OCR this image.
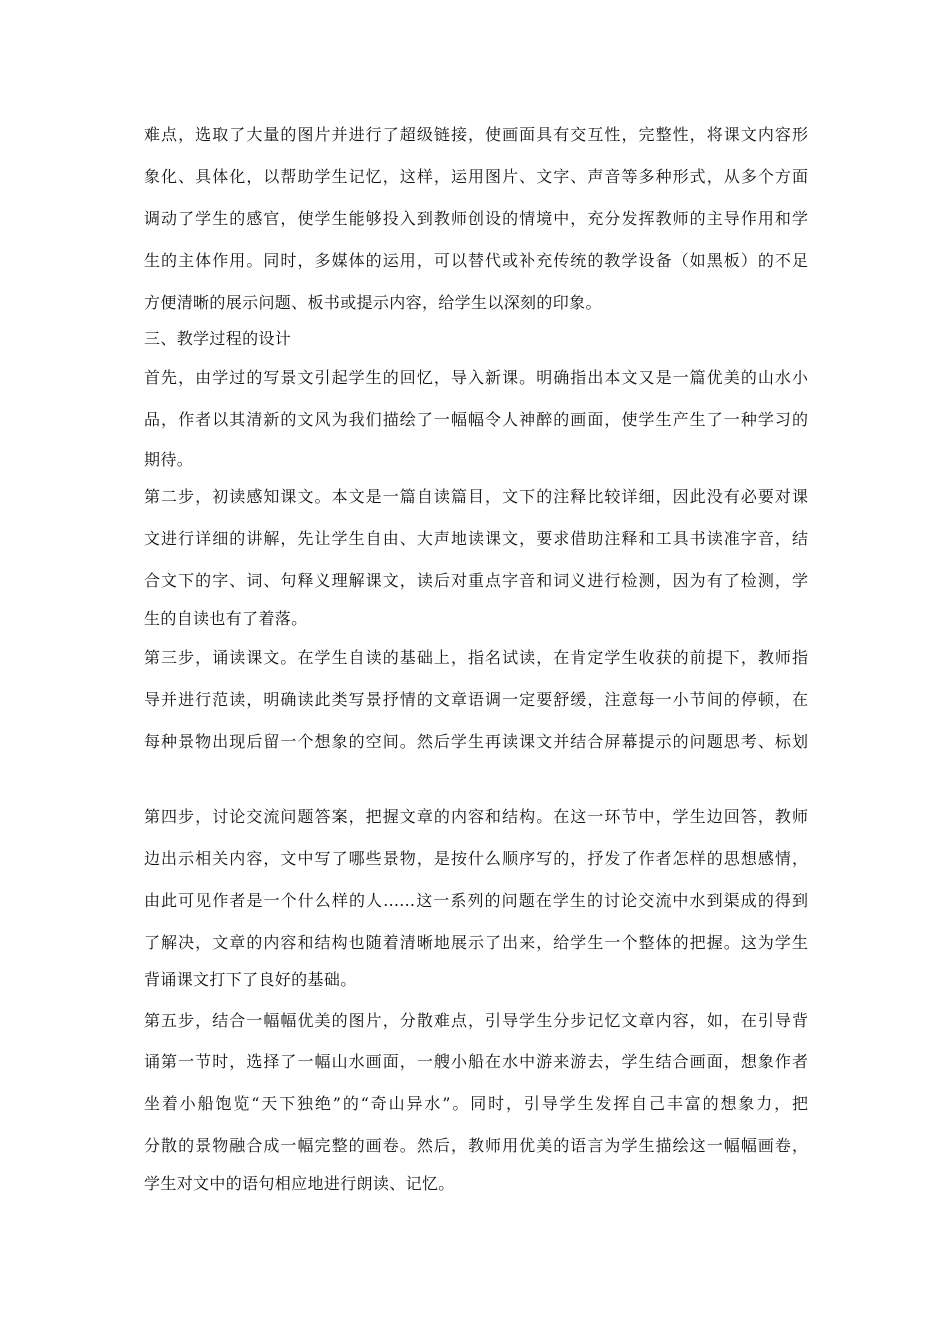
难点，选取了大量的图片并进行了超级链接，使画面具有交互性，完整性，将课文内容形
象化、具体化，以帮助学生记忆，这样，运用图片、文字、声音等多种形式，从多个方面
调动了学生的感官，使学生能够投入到教师创设的情境中，充分发挥教师的主导作用和学
生的主体作用。同时，多媒体的运用，可以替代或补充传统的教学设备（如黑板）的不足
方便清晰的展示问题、板书或提示内容，给学生以深刻的印象。
三、教学过程的设计
首先，由学过的写景文引起学生的回忆，导入新课。明确指出本文又是一篇优美的山水小
品，作者以其清新的文风为我们描绘了一幅幅令人神醉的画面，使学生产生了一种学习的
期待。
第二步，初读感知课文。本文是一篇自读篇目，文下的注释比较详细，因此没有必要对课
文进行详细的讲解，先让学生自由、大声地读课文，要求借助注释和工具书读准字音，结
合文下的字、词、句释义理解课文，读后对重点字音和词义进行检测，因为有了检测，学
生的自读也有了着落。
第三步，诵读课文。在学生自读的基础上，指名试读，在肯定学生收获的前提下，教师指
导并进行范读，明确读此类写景抒情的文章语调一定要舒缓，注意每一小节间的停顿，在
每种景物出现后留一个想象的空间。然后学生再读课文并结合屏幕提示的问题思考、标划
第四步，讨论交流问题答案，把握文章的内容和结构。在这一环节中，学生边回答，教师
边出示相关内容，文中写了哪些景物，是按什么顺序写的，抒发了作者怎样的思想感情，
由此可见作者是一个什么样的人……这一系列的问题在学生的讨论交流中水到渠成的得到
了解决，文章的内容和结构也随着清晰地展示了出来，给学生一个整体的把握。这为学生
背诵课文打下了良好的基础。
第五步，结合一幅幅优美的图片，分散难点，引导学生分步记忆文章内容，如，在引导背
诵第一节时，选择了一幅山水画面，一艘小船在水中游来游去，学生结合画面，想象作者
坐着小船饱览“天下独绝”的“奇山异水”。同时，引导学生发挥自己丰富的想象力，把
分散的景物融合成一幅完整的画卷。然后，教师用优美的语言为学生描绘这一幅幅画卷，
学生对文中的语句相应地进行朗读、记忆。
